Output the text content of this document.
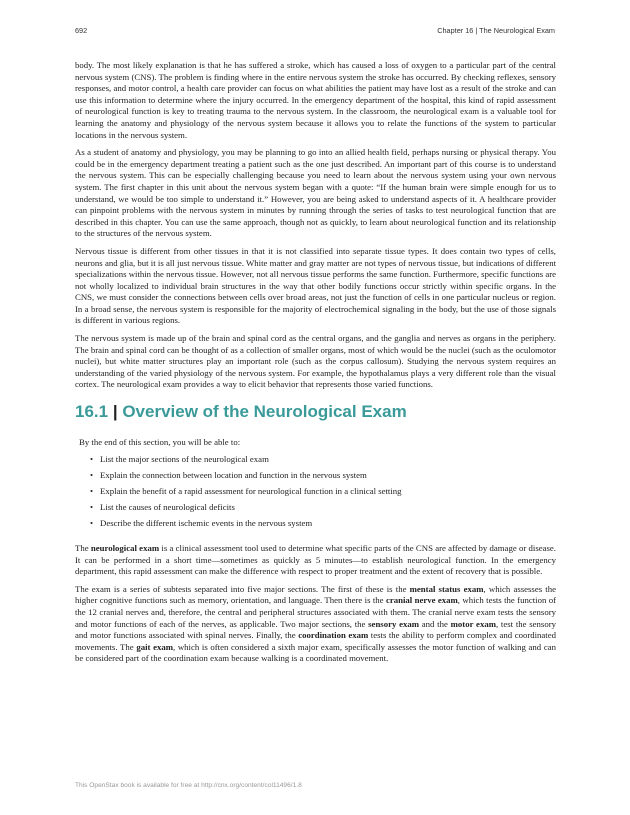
692	Chapter 16 | The Neurological Exam

body. The most likely explanation is that he has suffered a stroke, which has caused a loss of oxygen to a particular part of the central nervous system (CNS). The problem is finding where in the entire nervous system the stroke has occurred. By checking reflexes, sensory responses, and motor control, a health care provider can focus on what abilities the patient may have lost as a result of the stroke and can use this information to determine where the injury occurred. In the emergency department of the hospital, this kind of rapid assessment of neurological function is key to treating trauma to the nervous system. In the classroom, the neurological exam is a valuable tool for learning the anatomy and physiology of the nervous system because it allows you to relate the functions of the system to particular locations in the nervous system.

As a student of anatomy and physiology, you may be planning to go into an allied health field, perhaps nursing or physical therapy. You could be in the emergency department treating a patient such as the one just described. An important part of this course is to understand the nervous system. This can be especially challenging because you need to learn about the nervous system using your own nervous system. The first chapter in this unit about the nervous system began with a quote: “If the human brain were simple enough for us to understand, we would be too simple to understand it.” However, you are being asked to understand aspects of it. A healthcare provider can pinpoint problems with the nervous system in minutes by running through the series of tasks to test neurological function that are described in this chapter. You can use the same approach, though not as quickly, to learn about neurological function and its relationship to the structures of the nervous system.

Nervous tissue is different from other tissues in that it is not classified into separate tissue types. It does contain two types of cells, neurons and glia, but it is all just nervous tissue. White matter and gray matter are not types of nervous tissue, but indications of different specializations within the nervous tissue. However, not all nervous tissue performs the same function. Furthermore, specific functions are not wholly localized to individual brain structures in the way that other bodily functions occur strictly within specific organs. In the CNS, we must consider the connections between cells over broad areas, not just the function of cells in one particular nucleus or region. In a broad sense, the nervous system is responsible for the majority of electrochemical signaling in the body, but the use of those signals is different in various regions.

The nervous system is made up of the brain and spinal cord as the central organs, and the ganglia and nerves as organs in the periphery. The brain and spinal cord can be thought of as a collection of smaller organs, most of which would be the nuclei (such as the oculomotor nuclei), but white matter structures play an important role (such as the corpus callosum). Studying the nervous system requires an understanding of the varied physiology of the nervous system. For example, the hypothalamus plays a very different role than the visual cortex. The neurological exam provides a way to elicit behavior that represents those varied functions.

16.1 | Overview of the Neurological Exam
By the end of this section, you will be able to:
• List the major sections of the neurological exam
• Explain the connection between location and function in the nervous system
• Explain the benefit of a rapid assessment for neurological function in a clinical setting
• List the causes of neurological deficits
• Describe the different ischemic events in the nervous system

The neurological exam is a clinical assessment tool used to determine what specific parts of the CNS are affected by damage or disease. It can be performed in a short time—sometimes as quickly as 5 minutes—to establish neurological function. In the emergency department, this rapid assessment can make the difference with respect to proper treatment and the extent of recovery that is possible.

The exam is a series of subtests separated into five major sections. The first of these is the mental status exam, which assesses the higher cognitive functions such as memory, orientation, and language. Then there is the cranial nerve exam, which tests the function of the 12 cranial nerves and, therefore, the central and peripheral structures associated with them. The cranial nerve exam tests the sensory and motor functions of each of the nerves, as applicable. Two major sections, the sensory exam and the motor exam, test the sensory and motor functions associated with spinal nerves. Finally, the coordination exam tests the ability to perform complex and coordinated movements. The gait exam, which is often considered a sixth major exam, specifically assesses the motor function of walking and can be considered part of the coordination exam because walking is a coordinated movement.

This OpenStax book is available for free at http://cnx.org/content/col11496/1.8
